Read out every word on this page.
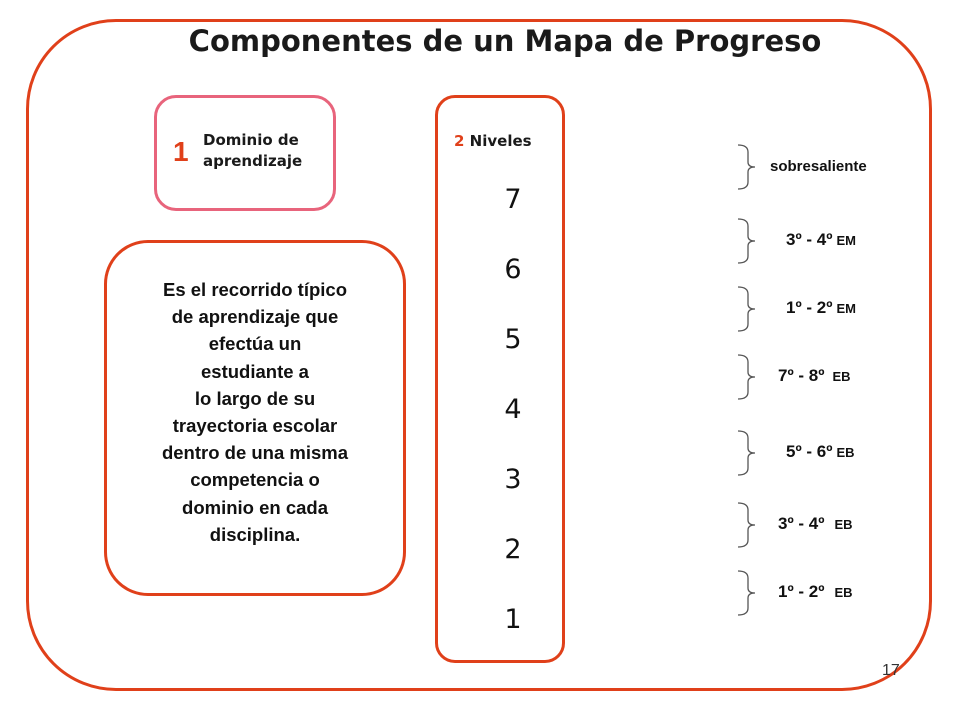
Componentes de un Mapa de Progreso
1 Dominio de
aprendizaje
Es el recorrido típico
de aprendizaje que
efectúa un
estudiante a
lo largo de su
trayectoria escolar
dentro de una misma
competencia o
dominio en cada
disciplina.
2 Niveles
7
6
5
4
3
2
1
sobresaliente
3º - 4º EM
1º - 2º EM
7º - 8º EB
5º - 6º EB
3º - 4º EB
1º - 2º EB
17
